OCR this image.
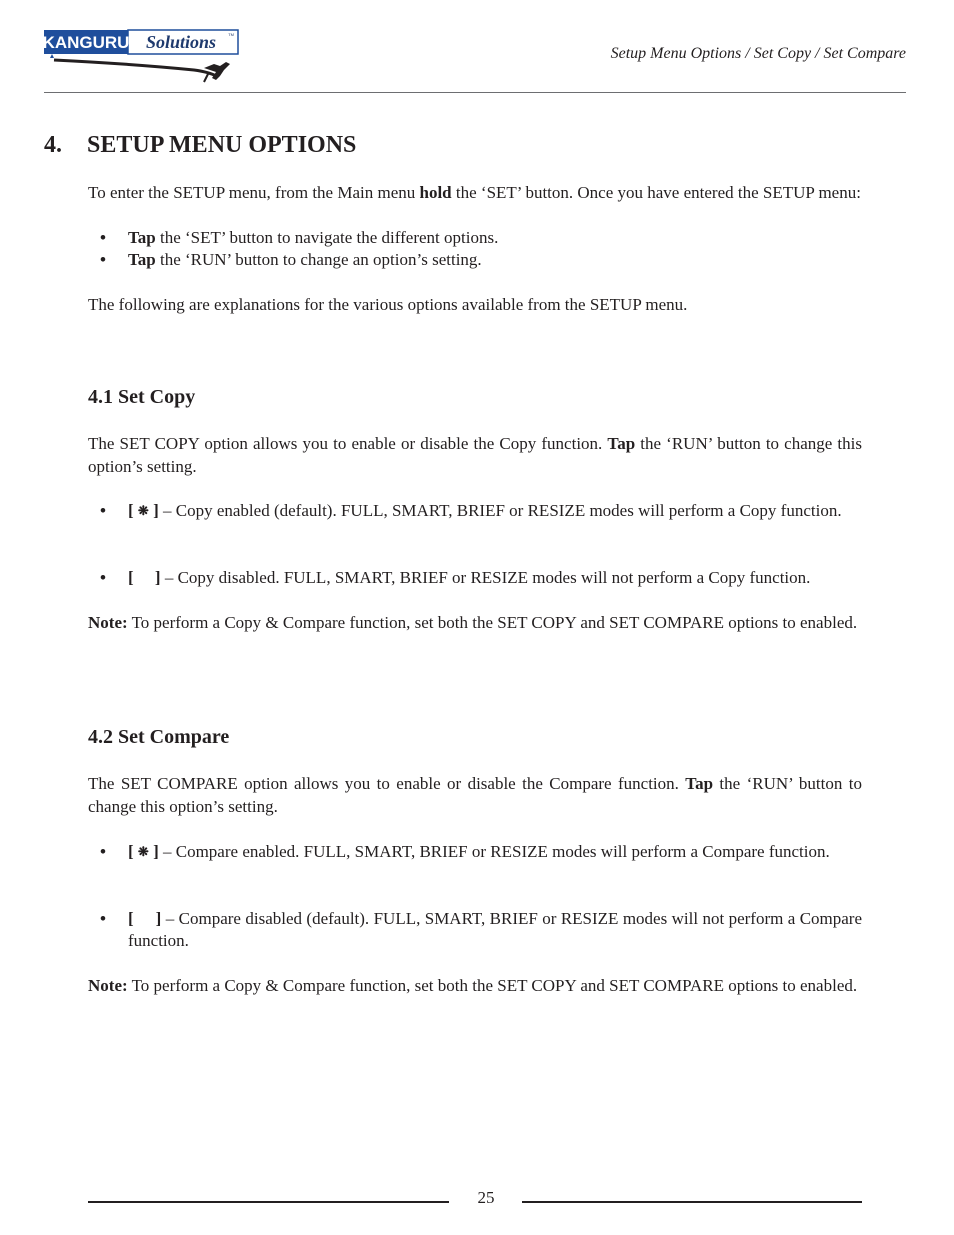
KANGURU Solutions	TM
Setup Menu Options / Set Copy / Set Compare
4. SETUP MENU OPTIONS

To enter the SETUP menu, from the Main menu hold the ‘SET’ button. Once you have entered the SETUP menu:

• Tap the ‘SET’ button to navigate the different options.
• Tap the ‘RUN’ button to change an option’s setting.

The following are explanations for the various options available from the SETUP menu.

4.1 Set Copy

The SET COPY option allows you to enable or disable the Copy function. Tap the ‘RUN’ button to change this option’s setting.

• [ ❋ ] – Copy enabled (default). FULL, SMART, BRIEF or RESIZE modes will perform a Copy function.
• [     ] – Copy disabled. FULL, SMART, BRIEF or RESIZE modes will not perform a Copy function.

Note: To perform a Copy & Compare function, set both the SET COPY and SET COMPARE options to enabled.

4.2 Set Compare

The SET COMPARE option allows you to enable or disable the Compare function. Tap the ‘RUN’ button to change this option’s setting.

• [ ❋ ] – Compare enabled. FULL, SMART, BRIEF or RESIZE modes will perform a Compare function.
• [     ] – Compare disabled (default). FULL, SMART, BRIEF or RESIZE modes will not perform a Compare function.

Note: To perform a Copy & Compare function, set both the SET COPY and SET COMPARE options to enabled.

25
